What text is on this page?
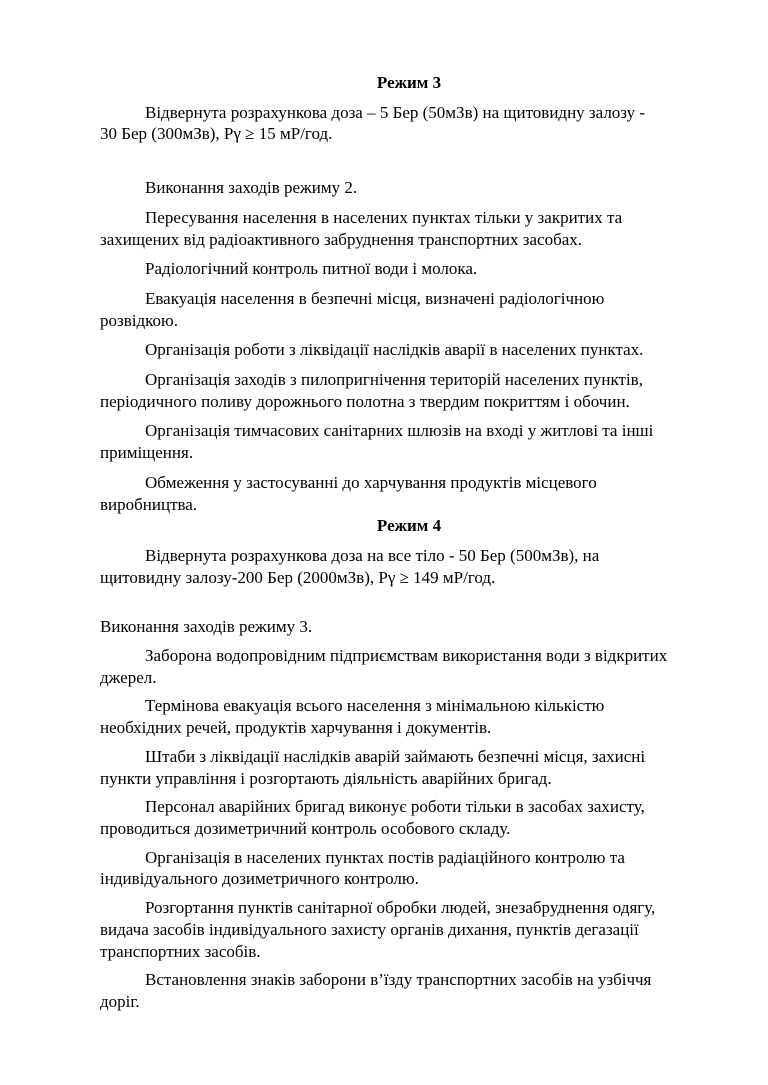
Режим 3
Відвернута розрахункова доза – 5 Бер (50мЗв) на щитовидну залозу -
30 Бер (300мЗв), Рγ ≥ 15 мР/год.
Виконання заходів режиму 2.
Пересування населення в населених пунктах тільки у закритих та
захищених від радіоактивного забруднення транспортних засобах.
Радіологічний контроль питної води і молока.
Евакуація населення в безпечні місця, визначені радіологічною
розвідкою.
Організація роботи з ліквідації наслідків аварії в населених пунктах.
Організація заходів з пилопригнічення територій населених пунктів,
періодичного поливу дорожнього полотна з твердим покриттям і обочин.
Організація тимчасових санітарних шлюзів на вході у житлові та інші
приміщення.
Обмеження у застосуванні до харчування продуктів місцевого
виробництва.
Режим 4
Відвернута розрахункова доза на все тіло - 50 Бер (500мЗв), на
щитовидну залозу-200 Бер (2000мЗв), Рγ ≥ 149 мР/год.
Виконання заходів режиму 3.
Заборона водопровідним підприємствам використання води з відкритих
джерел.
Термінова евакуація всього населення з мінімальною кількістю
необхідних речей, продуктів харчування і документів.
Штаби з ліквідації наслідків аварій займають безпечні місця, захисні
пункти управління і розгортають діяльність аварійних бригад.
Персонал аварійних бригад виконує роботи тільки в засобах захисту,
проводиться дозиметричний контроль особового складу.
Організація в населених пунктах постів радіаційного контролю та
індивідуального дозиметричного контролю.
Розгортання пунктів санітарної обробки людей, знезабруднення одягу,
видача засобів індивідуального захисту органів дихання, пунктів дегазації
транспортних засобів.
Встановлення знаків заборони в’їзду транспортних засобів на узбіччя
доріг.
